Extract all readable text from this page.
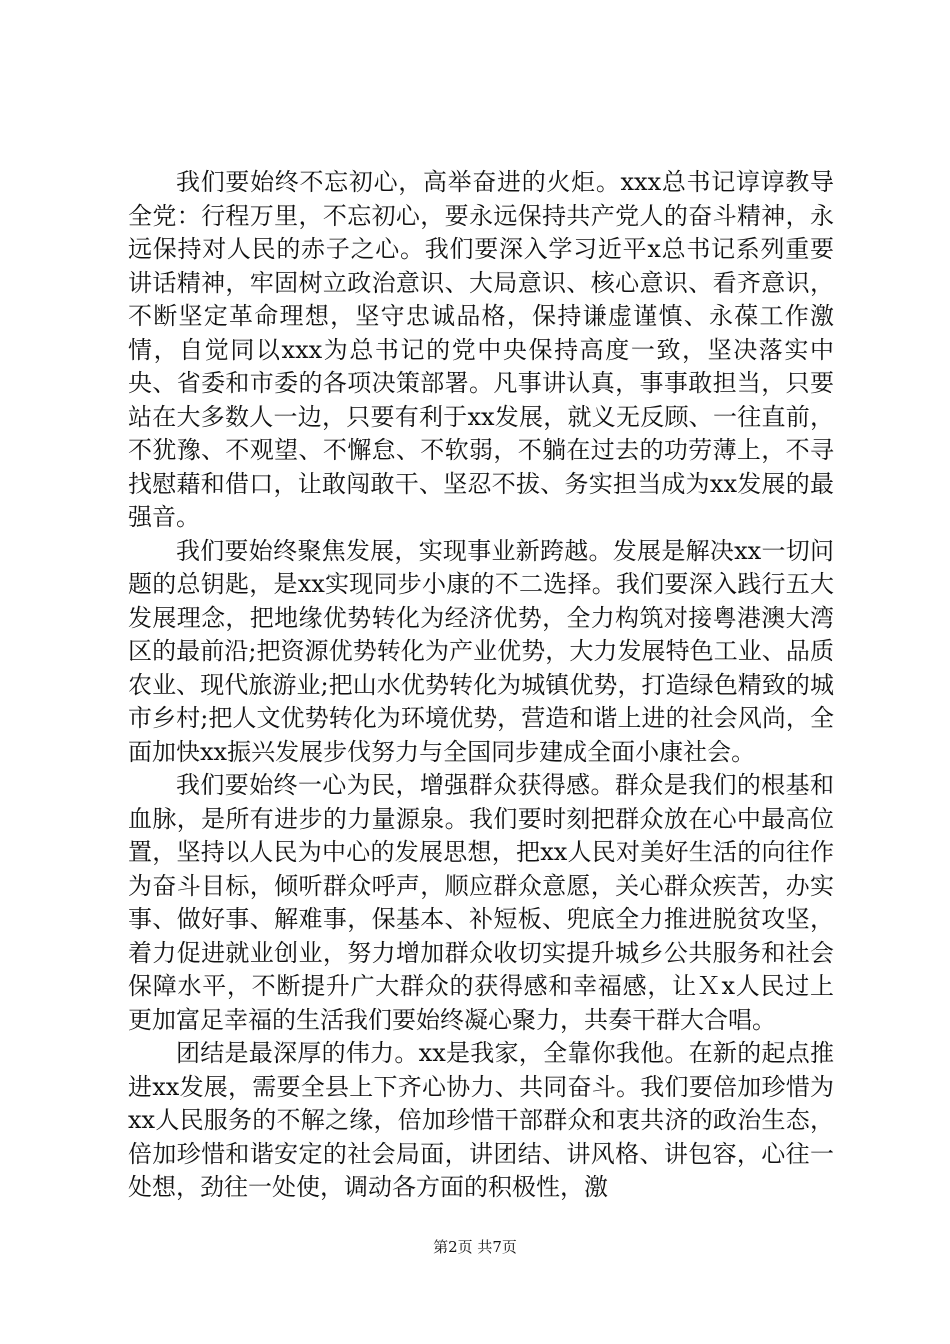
我们要始终不忘初心，高举奋进的火炬。xxx总书记谆谆教导全党：行程万里，不忘初心，要永远保持共产党人的奋斗精神，永远保持对人民的赤子之心。我们要深入学习近平x总书记系列重要讲话精神，牢固树立政治意识、大局意识、核心意识、看齐意识，不断坚定革命理想，坚守忠诚品格，保持谦虚谨慎、永葆工作激情，自觉同以xxx为总书记的党中央保持高度一致，坚决落实中央、省委和市委的各项决策部署。凡事讲认真，事事敢担当，只要站在大多数人一边，只要有利于xx发展，就义无反顾、一往直前，不犹豫、不观望、不懈怠、不软弱，不躺在过去的功劳薄上，不寻找慰藉和借口，让敢闯敢干、坚忍不拔、务实担当成为xx发展的最强音。

我们要始终聚焦发展，实现事业新跨越。发展是解决xx一切问题的总钥匙，是xx实现同步小康的不二选择。我们要深入践行五大发展理念，把地缘优势转化为经济优势，全力构筑对接粤港澳大湾区的最前沿;把资源优势转化为产业优势，大力发展特色工业、品质农业、现代旅游业;把山水优势转化为城镇优势，打造绿色精致的城市乡村;把人文优势转化为环境优势，营造和谐上进的社会风尚，全面加快xx振兴发展步伐努力与全国同步建成全面小康社会。

我们要始终一心为民，增强群众获得感。群众是我们的根基和血脉，是所有进步的力量源泉。我们要时刻把群众放在心中最高位置，坚持以人民为中心的发展思想，把xx人民对美好生活的向往作为奋斗目标，倾听群众呼声，顺应群众意愿，关心群众疾苦，办实事、做好事、解难事，保基本、补短板、兜底全力推进脱贫攻坚，着力促进就业创业，努力增加群众收切实提升城乡公共服务和社会保障水平，不断提升广大群众的获得感和幸福感，让Ｘx人民过上更加富足幸福的生活我们要始终凝心聚力，共奏干群大合唱。

团结是最深厚的伟力。xx是我家，全靠你我他。在新的起点推进xx发展，需要全县上下齐心协力、共同奋斗。我们要倍加珍惜为xx人民服务的不解之缘，倍加珍惜干部群众和衷共济的政治生态，倍加珍惜和谐安定的社会局面，讲团结、讲风格、讲包容，心往一处想，劲往一处使，调动各方面的积极性，激

第2页 共7页
